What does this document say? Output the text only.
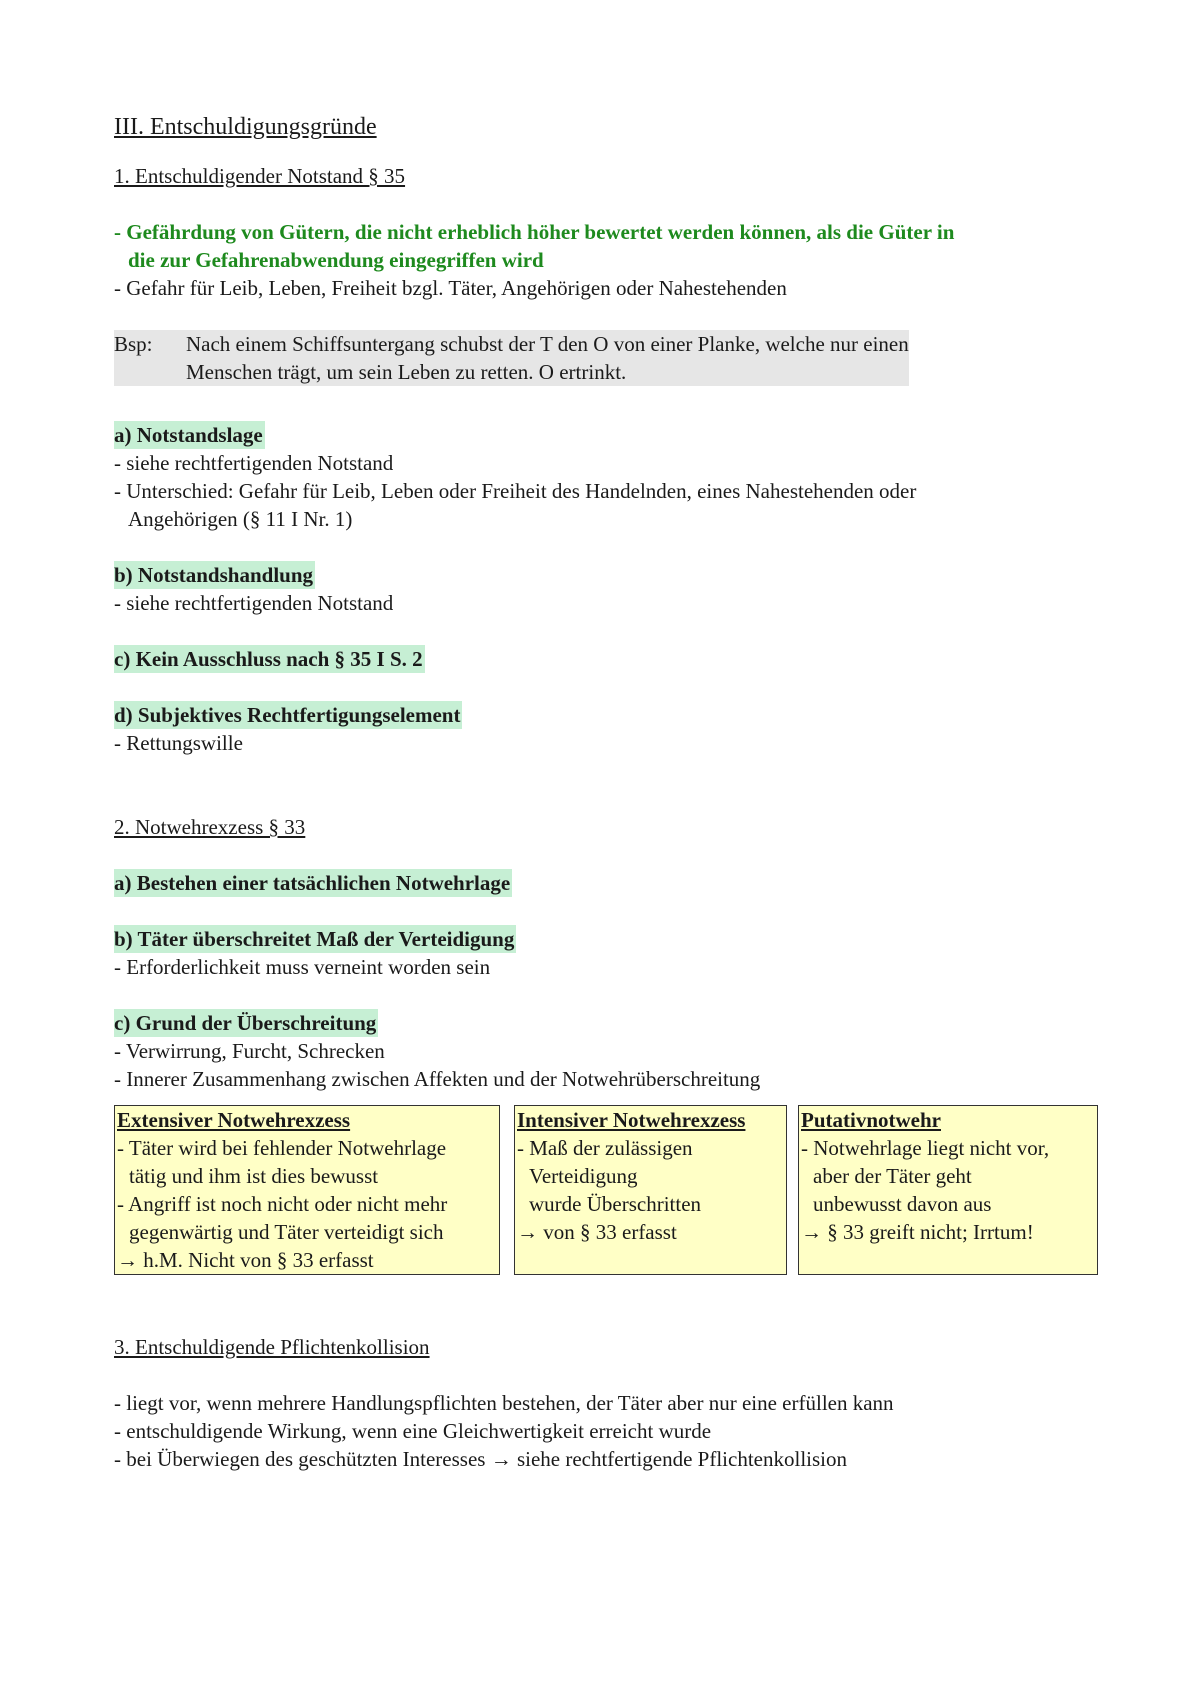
III. Entschuldigungsgründe
1. Entschuldigender Notstand § 35
- Gefährdung von Gütern, die nicht erheblich höher bewertet werden können, als die Güter in
die zur Gefahrenabwendung eingegriffen wird
- Gefahr für Leib, Leben, Freiheit bzgl. Täter, Angehörigen oder Nahestehenden
Bsp:	Nach einem Schiffsuntergang schubst der T den O von einer Planke, welche nur einen
Menschen trägt, um sein Leben zu retten. O ertrinkt.
a) Notstandslage
- siehe rechtfertigenden Notstand
- Unterschied: Gefahr für Leib, Leben oder Freiheit des Handelnden, eines Nahestehenden oder
Angehörigen (§ 11 I Nr. 1)
b) Notstandshandlung
- siehe rechtfertigenden Notstand
c) Kein Ausschluss nach § 35 I S. 2
d) Subjektives Rechtfertigungselement
- Rettungswille
2. Notwehrexzess § 33
a) Bestehen einer tatsächlichen Notwehrlage
b) Täter überschreitet Maß der Verteidigung
- Erforderlichkeit muss verneint worden sein
c) Grund der Überschreitung
- Verwirrung, Furcht, Schrecken
- Innerer Zusammenhang zwischen Affekten und der Notwehrüberschreitung
Extensiver Notwehrexzess
- Täter wird bei fehlender Notwehrlage
tätig und ihm ist dies bewusst
- Angriff ist noch nicht oder nicht mehr
gegenwärtig und Täter verteidigt sich
→ h.M. Nicht von § 33 erfasst
Intensiver Notwehrexzess
- Maß der zulässigen
Verteidigung
wurde Überschritten
→ von § 33 erfasst
Putativnotwehr
- Notwehrlage liegt nicht vor,
aber der Täter geht
unbewusst davon aus
→ § 33 greift nicht; Irrtum!
3. Entschuldigende Pflichtenkollision
- liegt vor, wenn mehrere Handlungspflichten bestehen, der Täter aber nur eine erfüllen kann
- entschuldigende Wirkung, wenn eine Gleichwertigkeit erreicht wurde
- bei Überwiegen des geschützten Interesses → siehe rechtfertigende Pflichtenkollision
